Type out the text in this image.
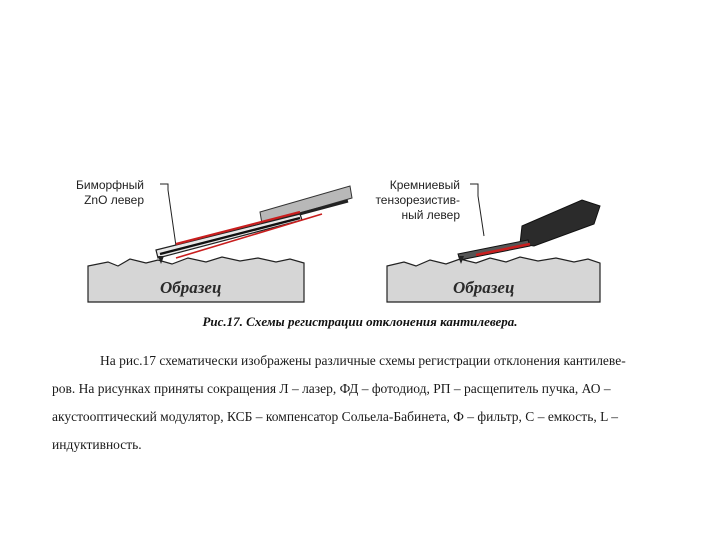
Биморфный
ZnO левер
Кремниевый
тензорезистив-
ный левер
Образец	Образец
Рис.17. Схемы регистрации отклонения кантилевера.
На рис.17 схематически изображены различные схемы регистрации отклонения кантилеве-
ров. На рисунках приняты сокращения Л – лазер, ФД – фотодиод, РП – расщепитель пучка, АО –
акустооптический модулятор, КСБ – компенсатор Сольела-Бабинета, Ф – фильтр, С – емкость, L –
индуктивность.
